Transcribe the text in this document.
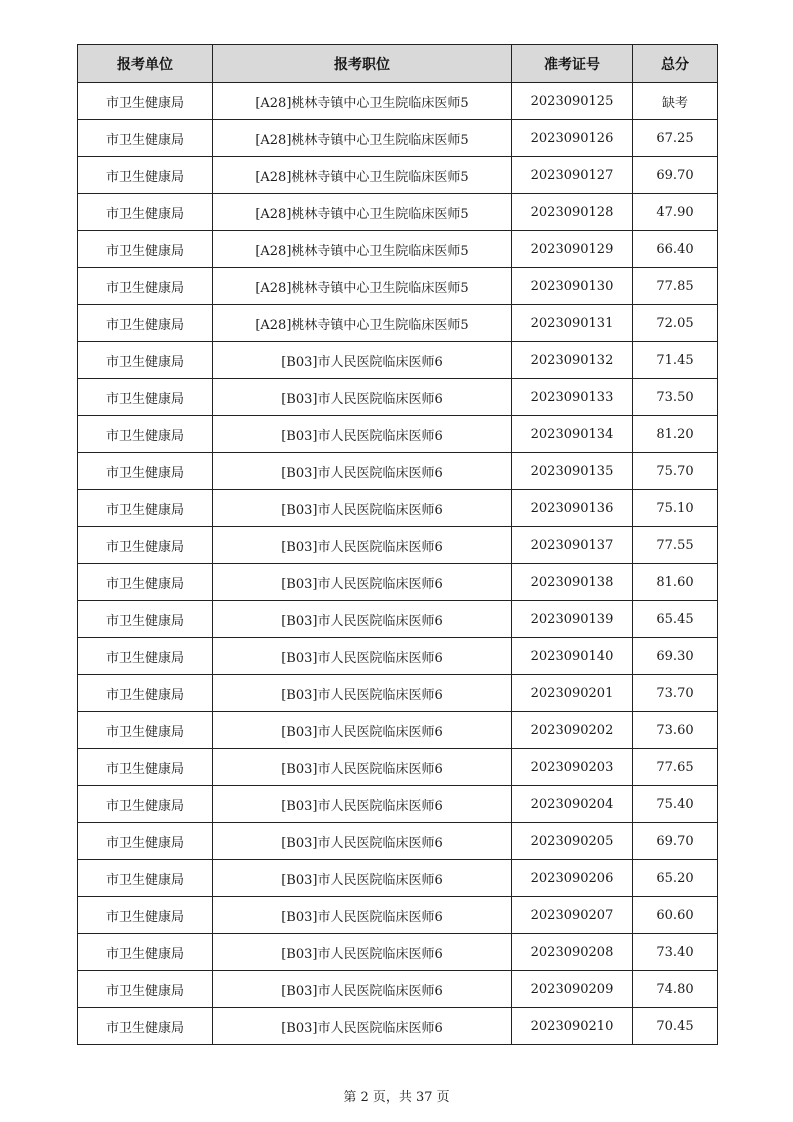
报考单位	报考职位	准考证号	总分
市卫生健康局	[A28]桃林寺镇中心卫生院临床医师5	2023090125	缺考
市卫生健康局	[A28]桃林寺镇中心卫生院临床医师5	2023090126	67.25
市卫生健康局	[A28]桃林寺镇中心卫生院临床医师5	2023090127	69.70
市卫生健康局	[A28]桃林寺镇中心卫生院临床医师5	2023090128	47.90
市卫生健康局	[A28]桃林寺镇中心卫生院临床医师5	2023090129	66.40
市卫生健康局	[A28]桃林寺镇中心卫生院临床医师5	2023090130	77.85
市卫生健康局	[A28]桃林寺镇中心卫生院临床医师5	2023090131	72.05
市卫生健康局	[B03]市人民医院临床医师6	2023090132	71.45
市卫生健康局	[B03]市人民医院临床医师6	2023090133	73.50
市卫生健康局	[B03]市人民医院临床医师6	2023090134	81.20
市卫生健康局	[B03]市人民医院临床医师6	2023090135	75.70
市卫生健康局	[B03]市人民医院临床医师6	2023090136	75.10
市卫生健康局	[B03]市人民医院临床医师6	2023090137	77.55
市卫生健康局	[B03]市人民医院临床医师6	2023090138	81.60
市卫生健康局	[B03]市人民医院临床医师6	2023090139	65.45
市卫生健康局	[B03]市人民医院临床医师6	2023090140	69.30
市卫生健康局	[B03]市人民医院临床医师6	2023090201	73.70
市卫生健康局	[B03]市人民医院临床医师6	2023090202	73.60
市卫生健康局	[B03]市人民医院临床医师6	2023090203	77.65
市卫生健康局	[B03]市人民医院临床医师6	2023090204	75.40
市卫生健康局	[B03]市人民医院临床医师6	2023090205	69.70
市卫生健康局	[B03]市人民医院临床医师6	2023090206	65.20
市卫生健康局	[B03]市人民医院临床医师6	2023090207	60.60
市卫生健康局	[B03]市人民医院临床医师6	2023090208	73.40
市卫生健康局	[B03]市人民医院临床医师6	2023090209	74.80
市卫生健康局	[B03]市人民医院临床医师6	2023090210	70.45
第 2 页，共 37 页
